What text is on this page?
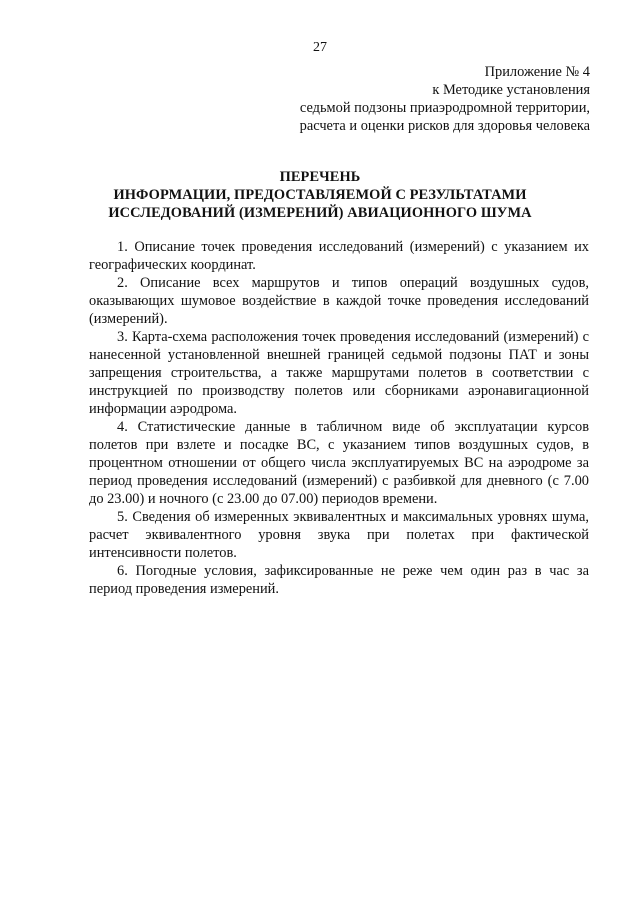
27
Приложение № 4
к Методике установления
седьмой подзоны приаэродромной территории,
расчета и оценки рисков для здоровья человека
ПЕРЕЧЕНЬ
ИНФОРМАЦИИ, ПРЕДОСТАВЛЯЕМОЙ С РЕЗУЛЬТАТАМИ
ИССЛЕДОВАНИЙ (ИЗМЕРЕНИЙ) АВИАЦИОННОГО ШУМА

1. Описание точек проведения исследований (измерений) с указанием их географических координат.

2. Описание всех маршрутов и типов операций воздушных судов, оказывающих шумовое воздействие в каждой точке проведения исследований (измерений).

3. Карта-схема расположения точек проведения исследований (измерений) с нанесенной установленной внешней границей седьмой подзоны ПАТ и зоны запрещения строительства, а также маршрутами полетов в соответствии с инструкцией по производству полетов или сборниками аэронавигационной информации аэродрома.

4. Статистические данные в табличном виде об эксплуатации курсов полетов при взлете и посадке ВС, с указанием типов воздушных судов, в процентном отношении от общего числа эксплуатируемых ВС на аэродроме за период проведения исследований (измерений) с разбивкой для дневного (с 7.00 до 23.00) и ночного (с 23.00 до 07.00) периодов времени.

5. Сведения об измеренных эквивалентных и максимальных уровнях шума, расчет эквивалентного уровня звука при полетах при фактической интенсивности полетов.

6. Погодные условия, зафиксированные не реже чем один раз в час за период проведения измерений.
